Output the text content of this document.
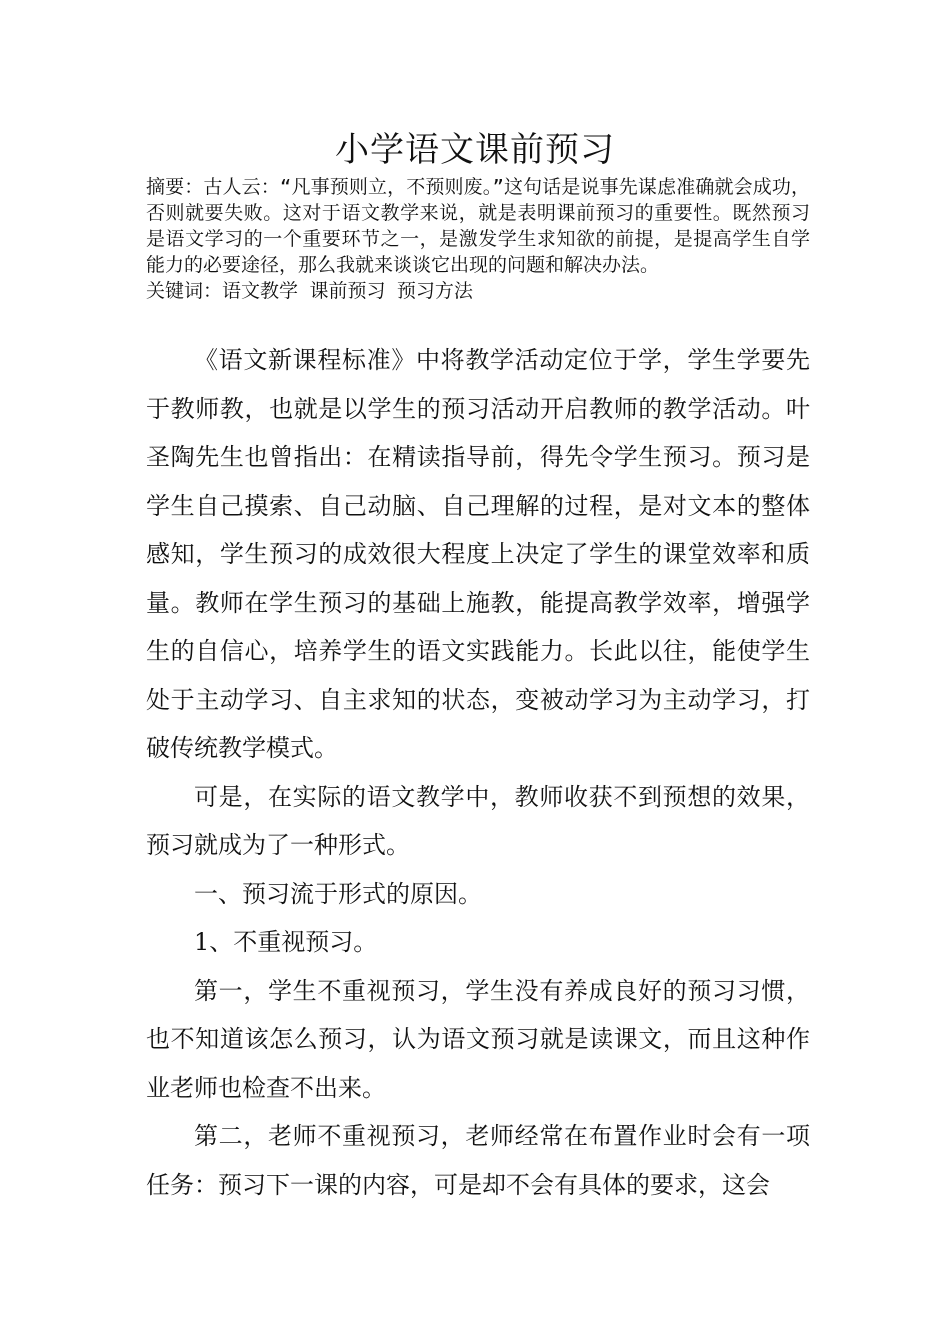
小学语文课前预习

摘要：古人云：“凡事预则立，不预则废。”这句话是说事先谋虑准确就会成功，否则就要失败。这对于语文教学来说，就是表明课前预习的重要性。既然预习是语文学习的一个重要环节之一，是激发学生求知欲的前提，是提高学生自学能力的必要途径，那么我就来谈谈它出现的问题和解决办法。

关键词：语文教学 课前预习 预习方法

《语文新课程标准》中将教学活动定位于学，学生学要先于教师教，也就是以学生的预习活动开启教师的教学活动。叶圣陶先生也曾指出：在精读指导前，得先令学生预习。预习是学生自己摸索、自己动脑、自己理解的过程，是对文本的整体感知，学生预习的成效很大程度上决定了学生的课堂效率和质量。教师在学生预习的基础上施教，能提高教学效率，增强学生的自信心，培养学生的语文实践能力。长此以往，能使学生处于主动学习、自主求知的状态，变被动学习为主动学习，打破传统教学模式。

可是，在实际的语文教学中，教师收获不到预想的效果，预习就成为了一种形式。

一、预习流于形式的原因。

1、不重视预习。

第一，学生不重视预习，学生没有养成良好的预习习惯，也不知道该怎么预习，认为语文预习就是读课文，而且这种作业老师也检查不出来。

第二，老师不重视预习，老师经常在布置作业时会有一项任务：预习下一课的内容，可是却不会有具体的要求，这会
